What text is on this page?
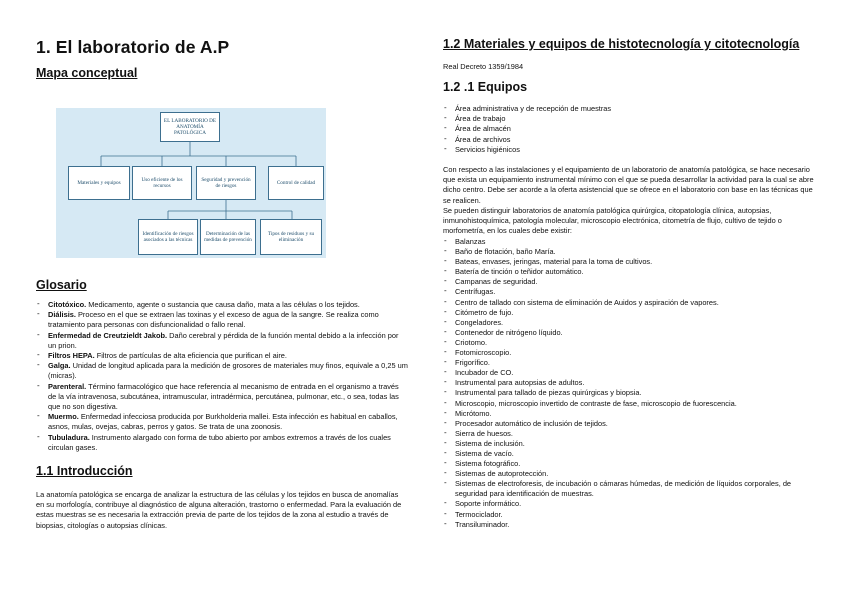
1. El laboratorio de A.P
Mapa conceptual
EL LABORATORIO DE ANATOMÍA PATOLÓGICA
Materiales y equipos
Uso eficiente de los recursos
Seguridad y prevención de riesgos
Control de calidad
Identificación de riesgos asociados a las técnicas
Determinación de las medidas de prevención
Tipos de residuos y su eliminación
Glosario
- Citotóxico. Medicamento, agente o sustancia que causa daño, mata a las células o los tejidos.
- Diálisis. Proceso en el que se extraen las toxinas y el exceso de agua de la sangre. Se realiza como tratamiento para personas con disfuncionalidad o fallo renal.
- Enfermedad de Creutzieldt Jakob. Daño cerebral y pérdida de la función mental debido a la infección por un prion.
- Filtros HEPA. Filtros de partículas de alta eficiencia que purifican el aire.
- Galga. Unidad de longitud aplicada para la medición de grosores de materiales muy finos, equivale a 0,25 um (micras).
- Parenteral. Término farmacológico que hace referencia al mecanismo de entrada en el organismo a través de la vía intravenosa, subcutánea, intramuscular, intradérmica, percutánea, pulmonar, etc., o sea, todas las que no son digestiva.
- Muermo. Enfermedad infecciosa producida por Burkholderia mallei. Esta infección es habitual en caballos, asnos, mulas, ovejas, cabras, perros y gatos. Se trata de una zoonosis.
- Tubuladura. Instrumento alargado con forma de tubo abierto por ambos extremos a través de los cuales circulan gases.
1.1 Introducción
La anatomía patológica se encarga de analizar la estructura de las células y los tejidos en busca de anomalías en su morfología, contribuye al diagnóstico de alguna alteración, trastorno o enfermedad. Para la evaluación de estas muestras se es necesaria la extracción previa de parte de los tejidos de la zona al estudio a través de biopsias, citologías o autopsias clínicas.
1.2 Materiales y equipos de histotecnología y citotecnología
Real Decreto 1359/1984
1.2 .1 Equipos
- Área administrativa y de recepción de muestras
- Área de trabajo
- Área de almacén
- Área de archivos
- Servicios higiénicos
Con respecto a las instalaciones y el equipamiento de un laboratorio de anatomía patológica, se hace necesario que exista un equipamiento instrumental mínimo con el que se pueda desarrollar la actividad para la cual se abre dicho centro. Debe ser acorde a la oferta asistencial que se ofrece en el laboratorio con base en las técnicas que se realicen.
Se pueden distinguir laboratorios de anatomía patológica quirúrgica, citopatología clínica, autopsias, inmunohistoquímica, patología molecular, microscopio electrónica, citometría de flujo, cultivo de tejido o morfometría, en los cuales debe existir:
- Balanzas
- Baño de flotación, baño María.
- Bateas, envases, jeringas, material para la toma de cultivos.
- Batería de tinción o teñidor automático.
- Campanas de seguridad.
- Centrífugas.
- Centro de tallado con sistema de eliminación de Auidos y aspiración de vapores.
- Citómetro de fujo.
- Congeladores.
- Contenedor de nitrógeno líquido.
- Criotomo.
- Fotomicroscopio.
- Frigorífico.
- Incubador de CO.
- Instrumental para autopsias de adultos.
- Instrumental para tallado de piezas quirúrgicas y biopsia.
- Microscopio, microscopio invertido de contraste de fase, microscopio de fuorescencia.
- Micrótomo.
- Procesador automático de inclusión de tejidos.
- Sierra de huesos.
- Sistema de inclusión.
- Sistema de vacío.
- Sistema fotográfico.
- Sistemas de autoprotección.
- Sistemas de electroforesis, de incubación o cámaras húmedas, de medición de líquidos corporales, de seguridad para identificación de muestras.
- Soporte informático.
- Termociclador.
- Transiluminador.
